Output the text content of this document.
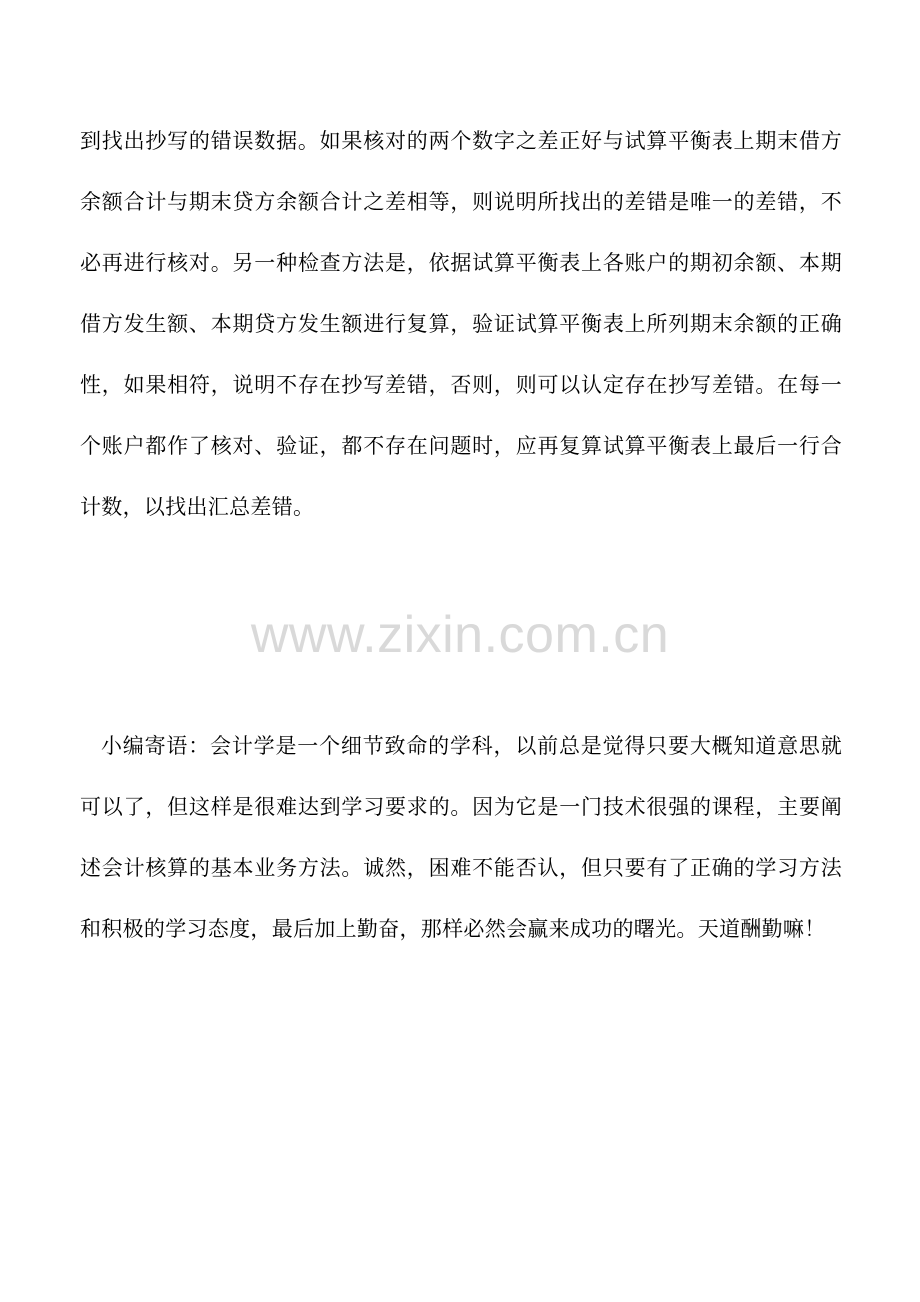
到找出抄写的错误数据。如果核对的两个数字之差正好与试算平衡表上期末借方余额合计与期末贷方余额合计之差相等，则说明所找出的差错是唯一的差错，不必再进行核对。另一种检查方法是，依据试算平衡表上各账户的期初余额、本期借方发生额、本期贷方发生额进行复算，验证试算平衡表上所列期末余额的正确性，如果相符，说明不存在抄写差错，否则，则可以认定存在抄写差错。在每一个账户都作了核对、验证，都不存在问题时，应再复算试算平衡表上最后一行合计数，以找出汇总差错。

www.zixin.com.cn

小编寄语：会计学是一个细节致命的学科，以前总是觉得只要大概知道意思就可以了，但这样是很难达到学习要求的。因为它是一门技术很强的课程，主要阐述会计核算的基本业务方法。诚然，困难不能否认，但只要有了正确的学习方法和积极的学习态度，最后加上勤奋，那样必然会赢来成功的曙光。天道酬勤嘛！
